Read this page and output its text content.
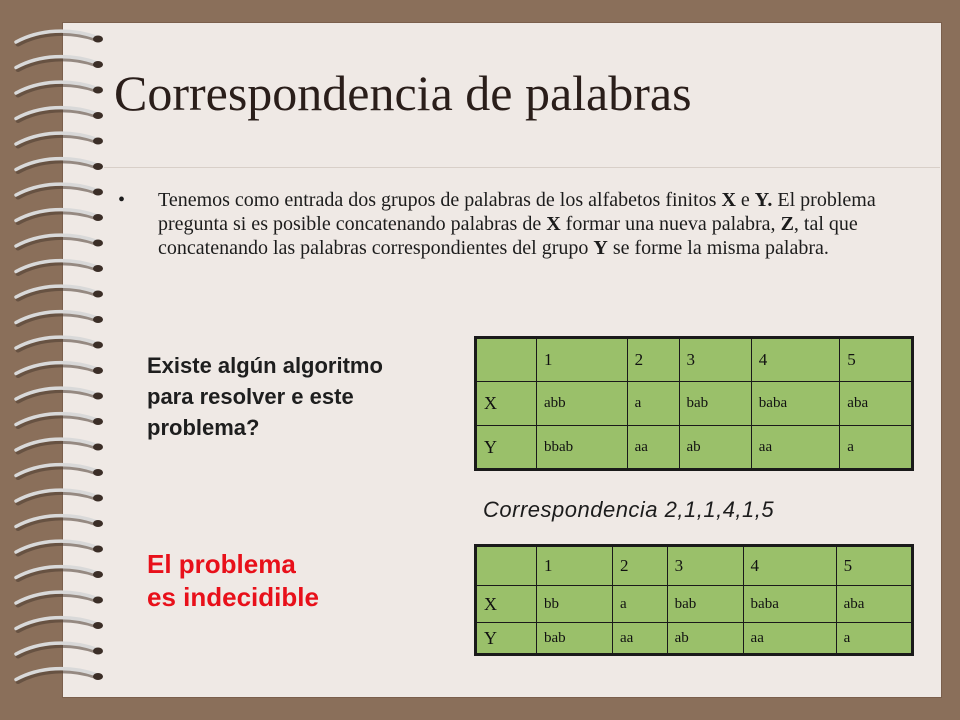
Correspondencia de palabras
• Tenemos como entrada dos grupos de palabras de los alfabetos finitos X e Y. El problema pregunta si es posible concatenando palabras de X formar una nueva palabra, Z, tal que concatenando las palabras correspondientes del grupo Y se forme la misma palabra.
Existe algún algoritmo para resolver e este problema?
El problema
es indecidible
	1	2	3	4	5
X	abb	a	bab	baba	aba
Y	bbab	aa	ab	aa	a
Correspondencia 2,1,1,4,1,5
	1	2	3	4	5
X	bb	a	bab	baba	aba
Y	bab	aa	ab	aa	a
